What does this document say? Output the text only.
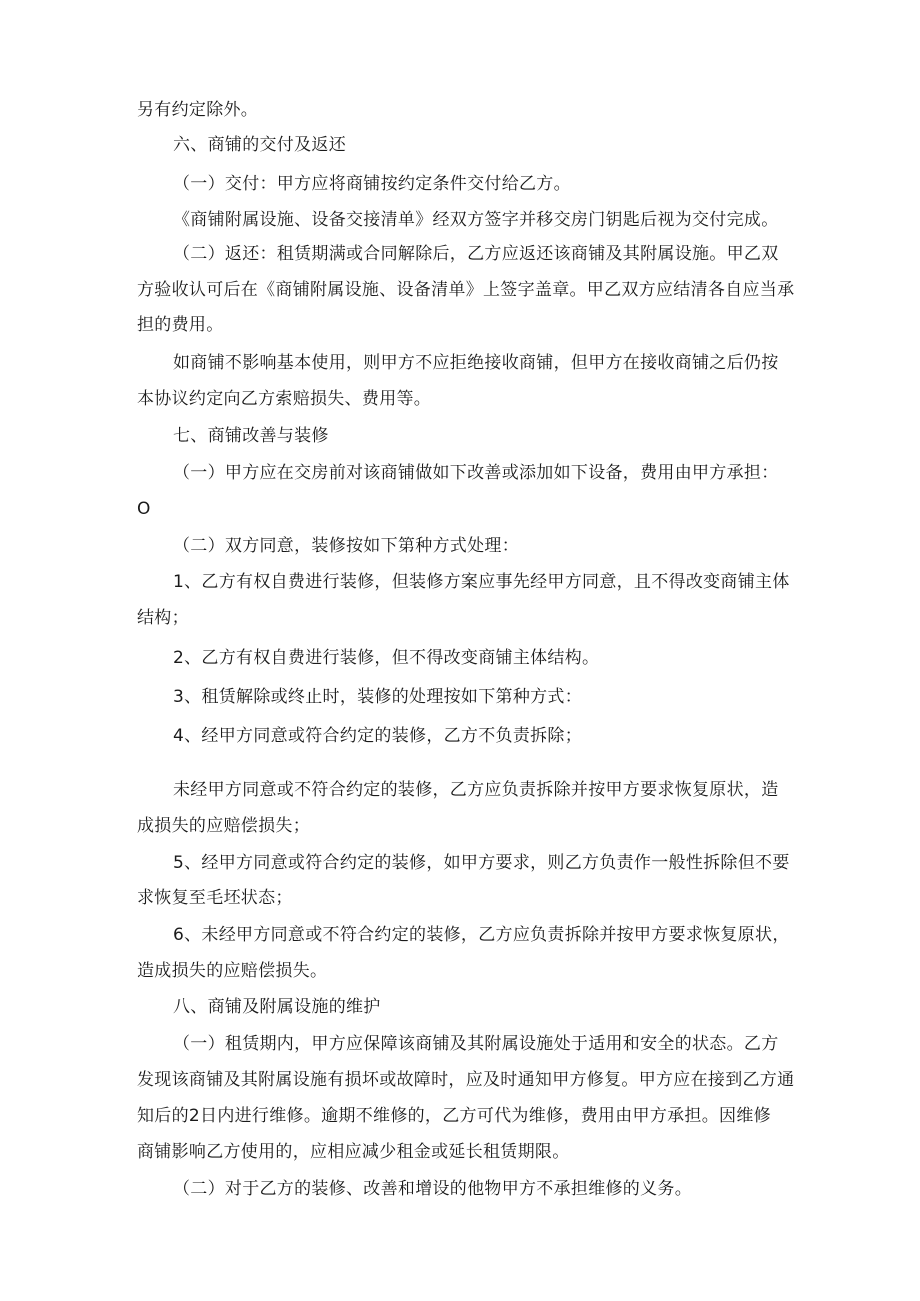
另有约定除外。
六、商铺的交付及返还
（一）交付：甲方应将商铺按约定条件交付给乙方。
《商铺附属设施、设备交接清单》经双方签字并移交房门钥匙后视为交付完成。
（二）返还：租赁期满或合同解除后，乙方应返还该商铺及其附属设施。甲乙双
方验收认可后在《商铺附属设施、设备清单》上签字盖章。甲乙双方应结清各自应当承
担的费用。
如商铺不影响基本使用，则甲方不应拒绝接收商铺，但甲方在接收商铺之后仍按
本协议约定向乙方索赔损失、费用等。
七、商铺改善与装修
（一）甲方应在交房前对该商铺做如下改善或添加如下设备，费用由甲方承担：
O
（二）双方同意，装修按如下第种方式处理：
1、乙方有权自费进行装修，但装修方案应事先经甲方同意，且不得改变商铺主体
结构；
2、乙方有权自费进行装修，但不得改变商铺主体结构。
3、租赁解除或终止时，装修的处理按如下第种方式：
4、经甲方同意或符合约定的装修，乙方不负责拆除；
未经甲方同意或不符合约定的装修，乙方应负责拆除并按甲方要求恢复原状，造
成损失的应赔偿损失；
5、经甲方同意或符合约定的装修，如甲方要求，则乙方负责作一般性拆除但不要
求恢复至毛坯状态；
6、未经甲方同意或不符合约定的装修，乙方应负责拆除并按甲方要求恢复原状，
造成损失的应赔偿损失。
八、商铺及附属设施的维护
（一）租赁期内，甲方应保障该商铺及其附属设施处于适用和安全的状态。乙方
发现该商铺及其附属设施有损坏或故障时，应及时通知甲方修复。甲方应在接到乙方通
知后的2日内进行维修。逾期不维修的，乙方可代为维修，费用由甲方承担。因维修
商铺影响乙方使用的，应相应减少租金或延长租赁期限。
（二）对于乙方的装修、改善和增设的他物甲方不承担维修的义务。
